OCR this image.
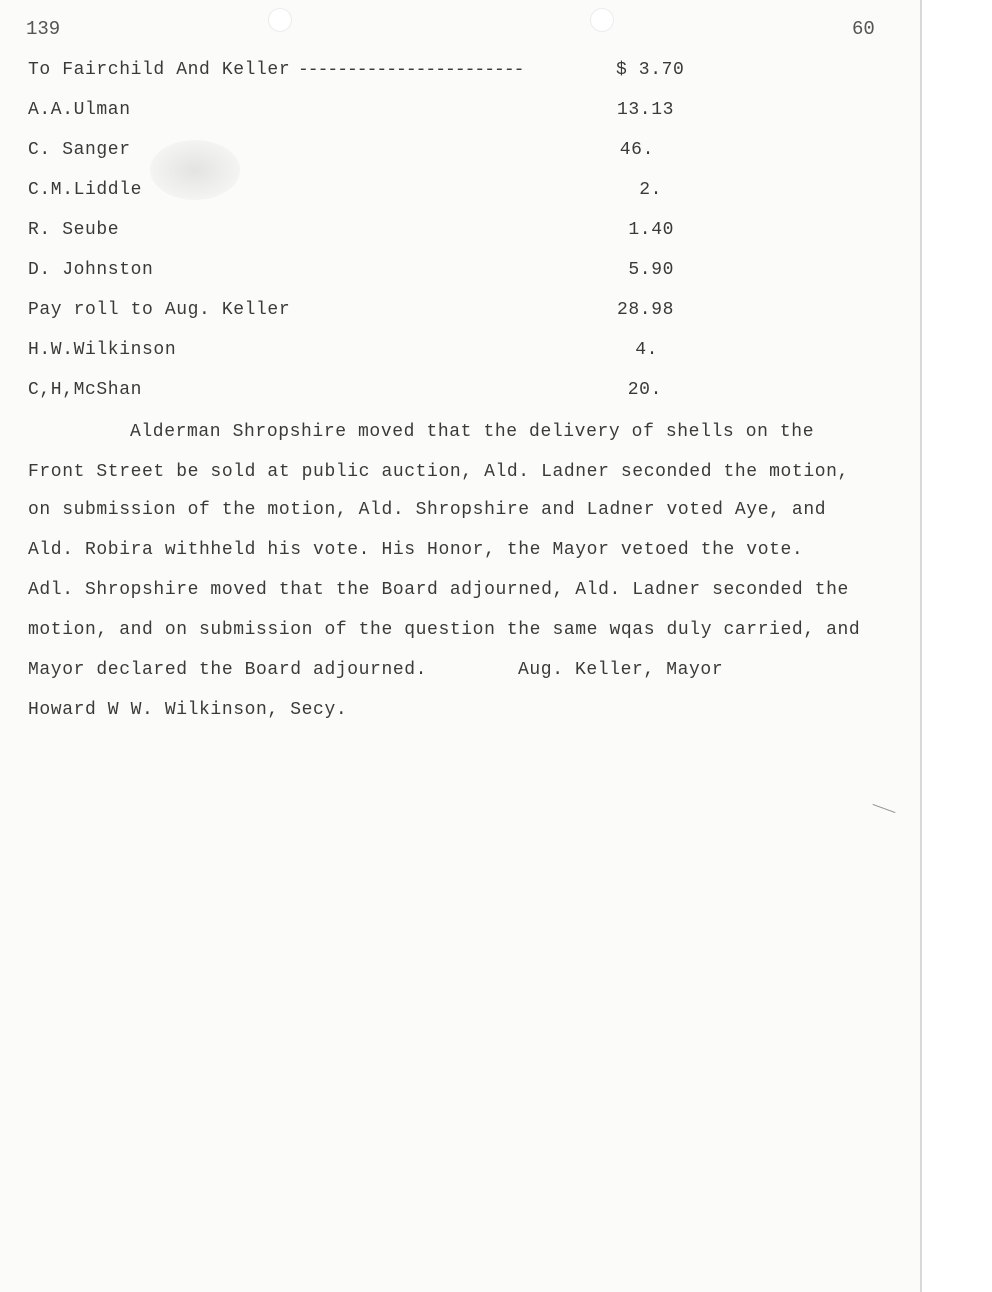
139	60
To Fairchild And Keller -----------------------	$ 3.70
A.A.Ulman	13.13
C. Sanger	46.
C.M.Liddle	2.
R. Seube	1.40
D. Johnston	5.90
Pay roll to Aug. Keller	28.98
H.W.Wilkinson	4.
C,H,McShan	20.
Alderman Shropshire moved that the delivery of shells on the
Front Street be sold at public auction, Ald. Ladner seconded the motion,
on submission of the motion, Ald. Shropshire and Ladner voted Aye, and
Ald. Robira withheld his vote. His Honor, the Mayor vetoed the vote.
Adl. Shropshire moved that the Board adjourned, Ald. Ladner seconded the
motion, and on submission of the question the same wqas duly carried, and
Mayor declared the Board adjourned.	Aug. Keller, Mayor
Howard W W. Wilkinson, Secy.
